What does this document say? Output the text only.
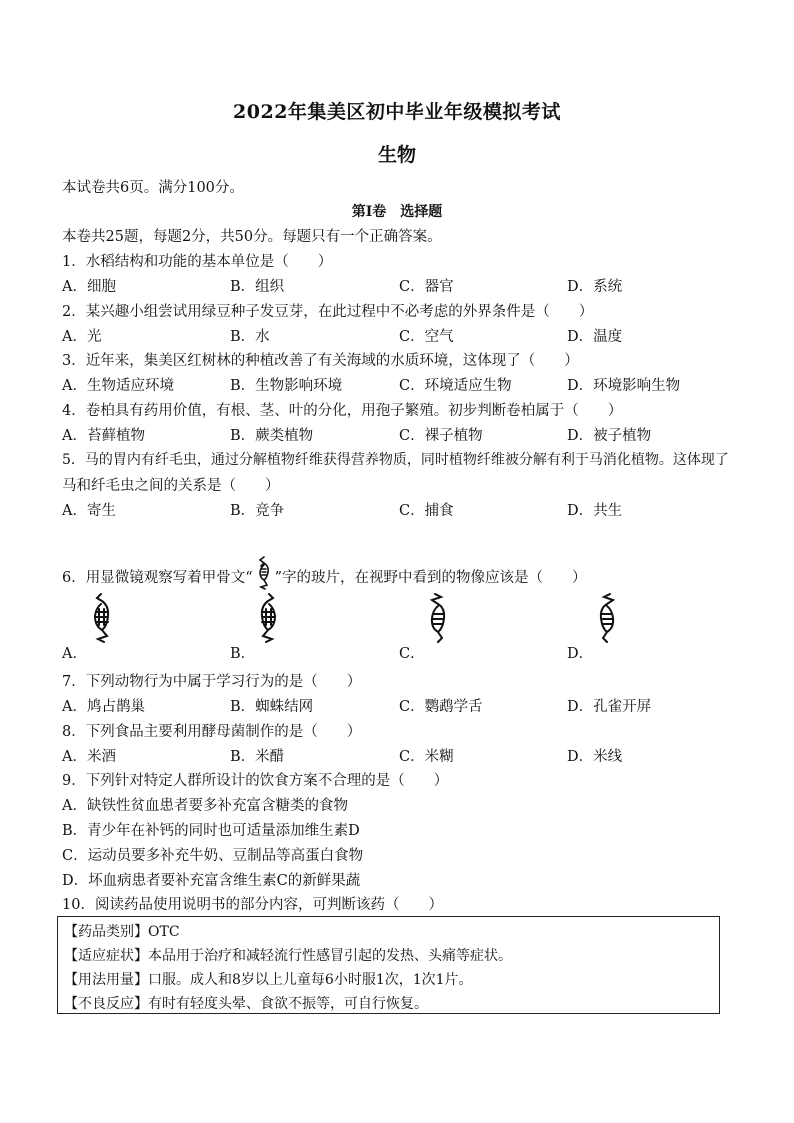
2022年集美区初中毕业年级模拟考试
生物
本试卷共6页。满分100分。
第Ⅰ卷　选择题
本卷共25题，每题2分，共50分。每题只有一个正确答案。
1．水稻结构和功能的基本单位是（　　）
A．细胞	B．组织	C．器官	D．系统
2．某兴趣小组尝试用绿豆种子发豆芽，在此过程中不必考虑的外界条件是（　　）
A．光	B．水	C．空气	D．温度
3．近年来，集美区红树林的种植改善了有关海域的水质环境，这体现了（　　）
A．生物适应环境	B．生物影响环境	C．环境适应生物	D．环境影响生物
4．卷柏具有药用价值，有根、茎、叶的分化，用孢子繁殖。初步判断卷柏属于（　　）
A．苔藓植物	B．蕨类植物	C．裸子植物	D．被子植物
5．马的胃内有纤毛虫，通过分解植物纤维获得营养物质，同时植物纤维被分解有利于马消化植物。这体现了
马和纤毛虫之间的关系是（　　）
A．寄生	B．竞争	C．捕食	D．共生
6．用显微镜观察写着甲骨文“ ”字的玻片，在视野中看到的物像应该是（　　）
A．	B．	C．	D．
7．下列动物行为中属于学习行为的是（　　）
A．鸠占鹊巢	B．蜘蛛结网	C．鹦鹉学舌	D．孔雀开屏
8．下列食品主要利用酵母菌制作的是（　　）
A．米酒	B．米醋	C．米糊	D．米线
9．下列针对特定人群所设计的饮食方案不合理的是（　　）
A．缺铁性贫血患者要多补充富含糖类的食物
B．青少年在补钙的同时也可适量添加维生素D
C．运动员要多补充牛奶、豆制品等高蛋白食物
D．坏血病患者要补充富含维生素C的新鲜果蔬
10．阅读药品使用说明书的部分内容，可判断该药（　　）
【药品类别】OTC
【适应症状】本品用于治疗和减轻流行性感冒引起的发热、头痛等症状。
【用法用量】口服。成人和8岁以上儿童每6小时服1次，1次1片。
【不良反应】有时有轻度头晕、食欲不振等，可自行恢复。
